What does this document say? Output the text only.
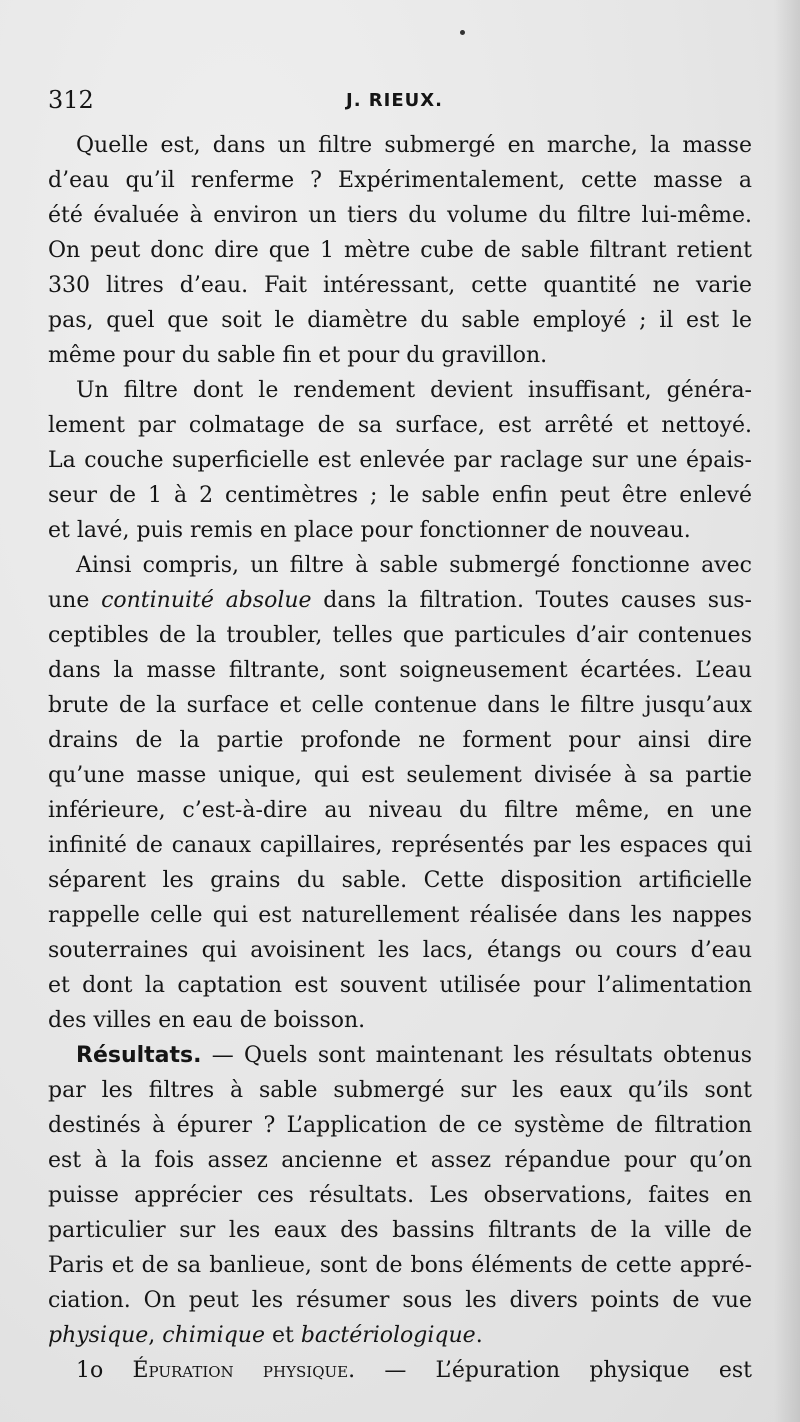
312	J. RIEUX.
Quelle est, dans un filtre submergé en marche, la masse
d’eau qu’il renferme ? Expérimentalement, cette masse a
été évaluée à environ un tiers du volume du filtre lui-même.
On peut donc dire que 1 mètre cube de sable filtrant retient
330 litres d’eau. Fait intéressant, cette quantité ne varie
pas, quel que soit le diamètre du sable employé ; il est le
même pour du sable fin et pour du gravillon.
Un filtre dont le rendement devient insuffisant, généra-
lement par colmatage de sa surface, est arrêté et nettoyé.
La couche superficielle est enlevée par raclage sur une épais-
seur de 1 à 2 centimètres ; le sable enfin peut être enlevé
et lavé, puis remis en place pour fonctionner de nouveau.
Ainsi compris, un filtre à sable submergé fonctionne avec
une continuité absolue dans la filtration. Toutes causes sus-
ceptibles de la troubler, telles que particules d’air contenues
dans la masse filtrante, sont soigneusement écartées. L’eau
brute de la surface et celle contenue dans le filtre jusqu’aux
drains de la partie profonde ne forment pour ainsi dire
qu’une masse unique, qui est seulement divisée à sa partie
inférieure, c’est-à-dire au niveau du filtre même, en une
infinité de canaux capillaires, représentés par les espaces qui
séparent les grains du sable. Cette disposition artificielle
rappelle celle qui est naturellement réalisée dans les nappes
souterraines qui avoisinent les lacs, étangs ou cours d’eau
et dont la captation est souvent utilisée pour l’alimentation
des villes en eau de boisson.
Résultats. — Quels sont maintenant les résultats obtenus
par les filtres à sable submergé sur les eaux qu’ils sont
destinés à épurer ? L’application de ce système de filtration
est à la fois assez ancienne et assez répandue pour qu’on
puisse apprécier ces résultats. Les observations, faites en
particulier sur les eaux des bassins filtrants de la ville de
Paris et de sa banlieue, sont de bons éléments de cette appré-
ciation. On peut les résumer sous les divers points de vue
physique, chimique et bactériologique.
1o Épuration physique. — L’épuration physique est
